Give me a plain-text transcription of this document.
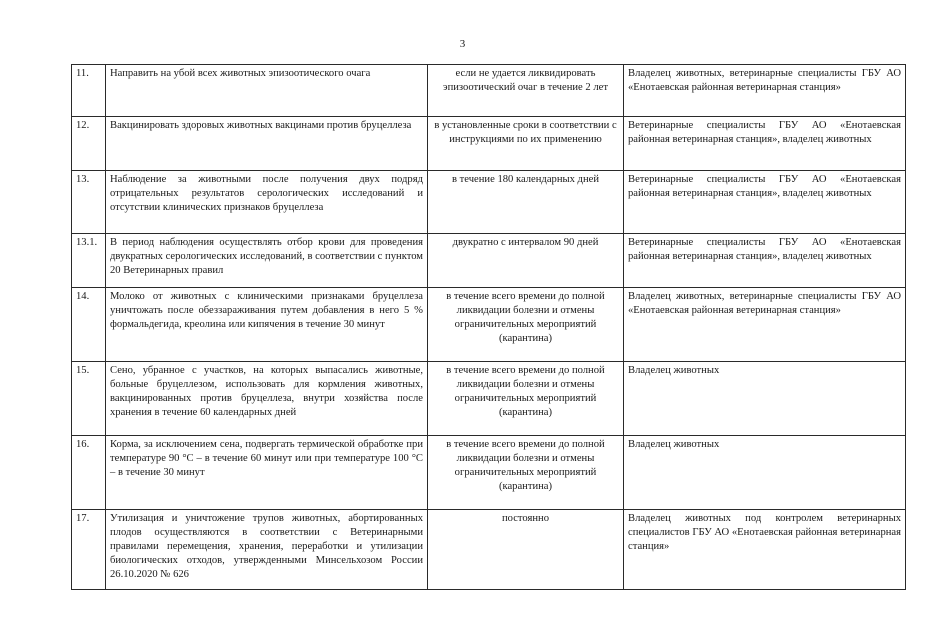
3
11.	Направить на убой всех животных эпизоотического очага	если не удается ликвидировать эпизоотический очаг в течение 2 лет	Владелец животных, ветеринарные специалисты ГБУ АО «Енотаевская районная ветеринарная станция»
12.	Вакцинировать здоровых животных вакцинами против бруцеллеза	в установленные сроки в соответствии с инструкциями по их применению	Ветеринарные специалисты ГБУ АО «Енотаевская районная ветеринарная станция», владелец животных
13.	Наблюдение за животными после получения двух подряд отрицательных результатов серологических исследований и отсутствии клинических признаков бруцеллеза	в течение 180 календарных дней	Ветеринарные специалисты ГБУ АО «Енотаевская районная ветеринарная станция», владелец животных
13.1.	В период наблюдения осуществлять отбор крови для проведения двукратных серологических исследований, в соответствии с пунктом 20 Ветеринарных правил	двукратно с интервалом 90 дней	Ветеринарные специалисты ГБУ АО «Енотаевская районная ветеринарная станция», владелец животных
14.	Молоко от животных с клиническими признаками бруцеллеза уничтожать после обеззараживания путем добавления в него 5 % формальдегида, креолина или кипячения в течение 30 минут	в течение всего времени до полной ликвидации болезни и отмены ограничительных мероприятий (карантина)	Владелец животных, ветеринарные специалисты ГБУ АО «Енотаевская районная ветеринарная станция»
15.	Сено, убранное с участков, на которых выпасались животные, больные бруцеллезом, использовать для кормления животных, вакцинированных против бруцеллеза, внутри хозяйства после хранения в течение 60 календарных дней	в течение всего времени до полной ликвидации болезни и отмены ограничительных мероприятий (карантина)	Владелец животных
16.	Корма, за исключением сена, подвергать термической обработке при температуре 90 °С – в течение 60 минут или при температуре 100 °С – в течение 30 минут	в течение всего времени до полной ликвидации болезни и отмены ограничительных мероприятий (карантина)	Владелец животных
17.	Утилизация и уничтожение трупов животных, абортированных плодов осуществляются в соответствии с Ветеринарными правилами перемещения, хранения, переработки и утилизации биологических отходов, утвержденными Минсельхозом России 26.10.2020 № 626	постоянно	Владелец животных под контролем ветеринарных специалистов ГБУ АО «Енотаевская районная ветеринарная станция»
